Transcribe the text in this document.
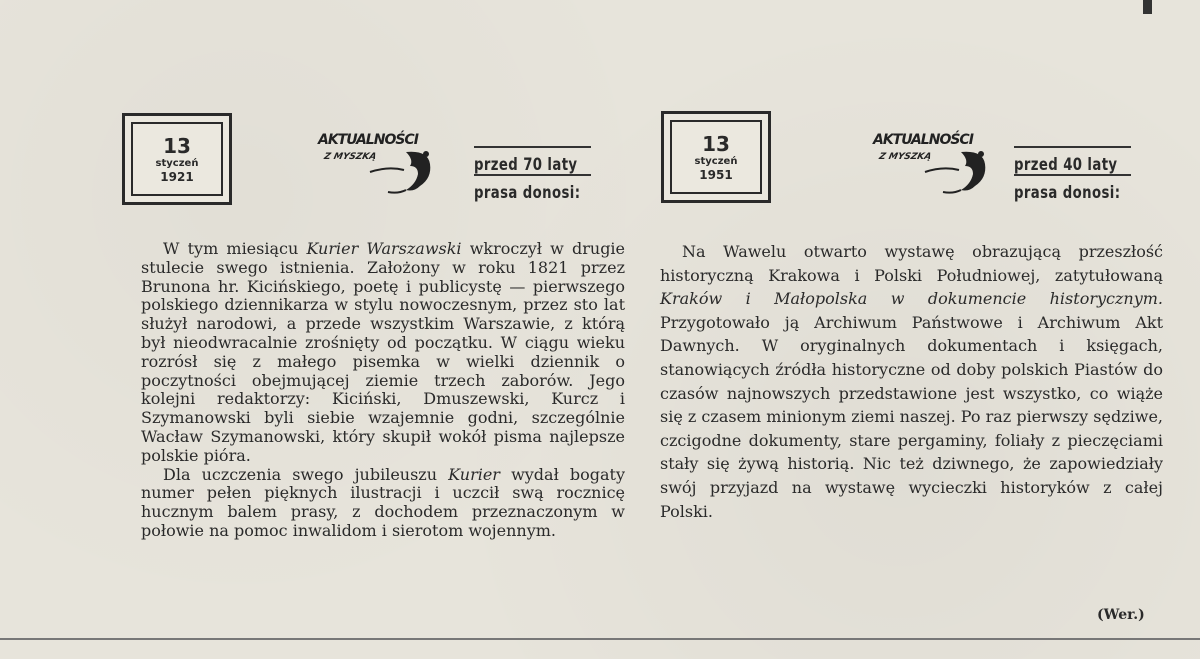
13
styczeń
1921
AKTUALNOŚCI
Z MYSZKĄ	przed 70 laty
prasa donosi:
13
styczeń
1951
AKTUALNOŚCI
Z MYSZKĄ	przed 40 laty
prasa donosi:

W tym miesiącu Kurier Warszawski wkroczył w drugie stulecie swego istnienia. Założony w roku 1821 przez Brunona hr. Kicińskiego, poetę i publicystę — pierwszego polskiego dziennikarza w stylu nowoczesnym, przez sto lat służył narodowi, a przede wszystkim Warszawie, z którą był nieodwracalnie zrośnięty od początku. W ciągu wieku rozrósł się z małego pisemka w wielki dziennik o poczytności obejmującej ziemie trzech zaborów. Jego kolejni redaktorzy: Kiciński, Dmuszewski, Kurcz i Szymanowski byli siebie wzajemnie godni, szczególnie Wacław Szymanowski, który skupił wokół pisma najlepsze polskie pióra.

Dla uczczenia swego jubileuszu Kurier wydał bogaty numer pełen pięknych ilustracji i uczcił swą rocznicę hucznym balem prasy, z dochodem przeznaczonym w połowie na pomoc inwalidom i sierotom wojennym.

Na Wawelu otwarto wystawę obrazującą przeszłość historyczną Krakowa i Polski Południowej, zatytułowaną Kraków i Małopolska w dokumencie historycznym. Przygotowało ją Archiwum Państwowe i Archiwum Akt Dawnych. W oryginalnych dokumentach i księgach, stanowiących źródła historyczne od doby polskich Piastów do czasów najnowszych przedstawione jest wszystko, co wiąże się z czasem minionym ziemi naszej. Po raz pierwszy sędziwe, czcigodne dokumenty, stare pergaminy, foliały z pieczęciami stały się żywą historią. Nic też dziwnego, że zapowiedziały swój przyjazd na wystawę wycieczki historyków z całej Polski.

(Wer.)
